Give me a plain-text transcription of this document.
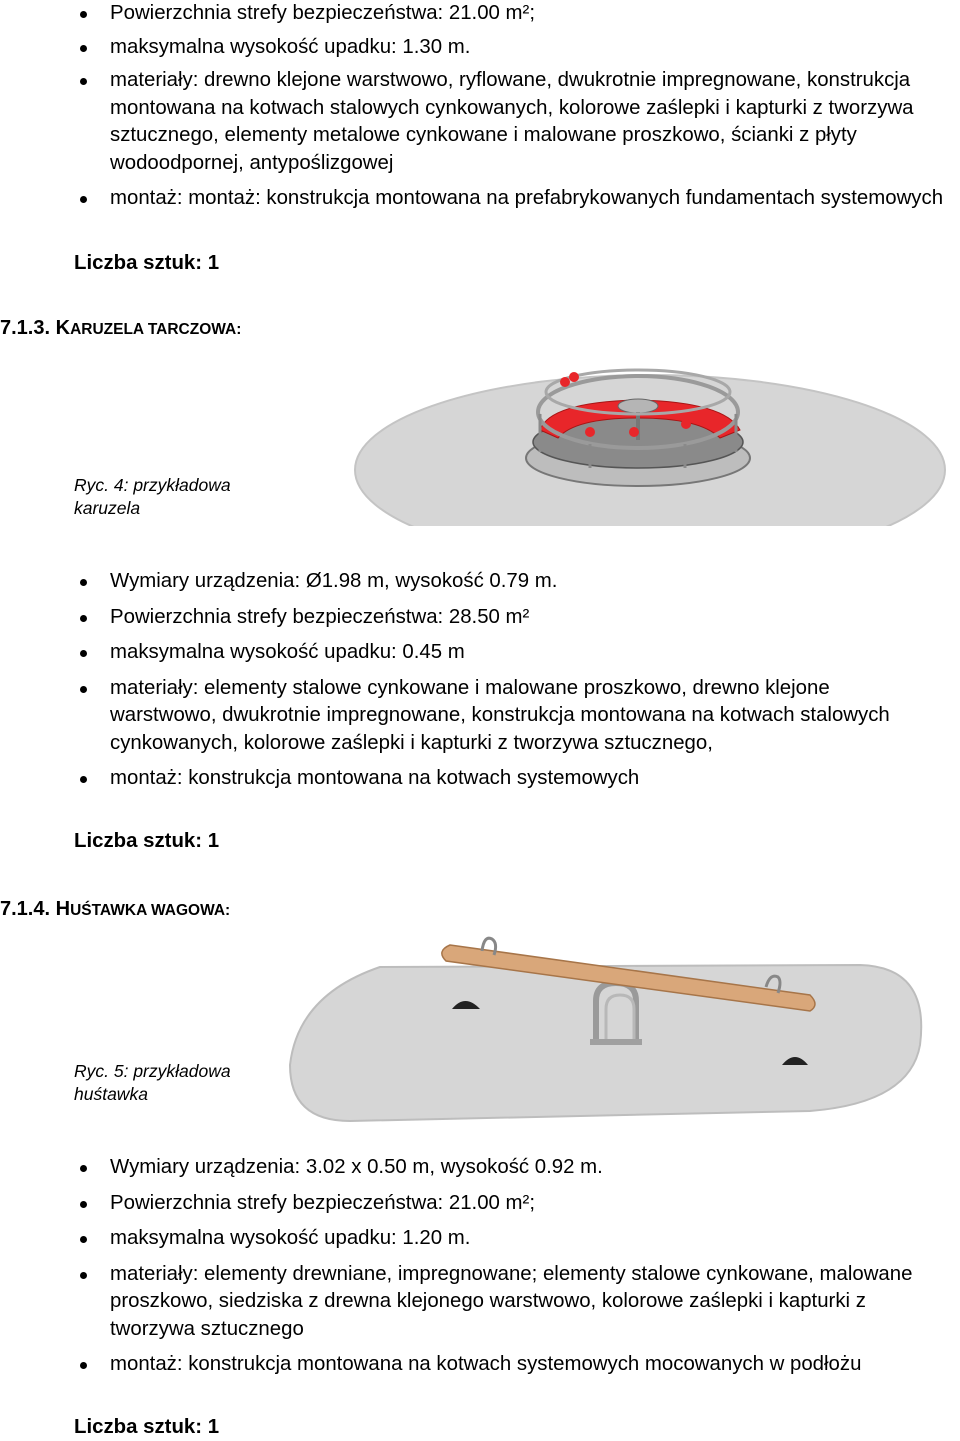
Powierzchnia strefy bezpieczeństwa: 21.00 m²;
maksymalna wysokość upadku: 1.30 m.
materiały: drewno klejone warstwowo, ryflowane, dwukrotnie impregnowane, konstrukcja montowana na kotwach stalowych cynkowanych, kolorowe zaślepki i kapturki z tworzywa sztucznego, elementy metalowe cynkowane i malowane proszkowo, ścianki z płyty wodoodpornej, antypoślizgowej
montaż: montaż: konstrukcja montowana na prefabrykowanych fundamentach systemowych
Liczba sztuk: 1
7.1.3. KARUZELA TARCZOWA:
Ryc. 4: przykładowa
karuzela
Wymiary urządzenia: Ø1.98 m, wysokość 0.79 m.
Powierzchnia strefy bezpieczeństwa: 28.50 m²
maksymalna wysokość upadku: 0.45 m
materiały: elementy stalowe cynkowane i malowane proszkowo, drewno klejone warstwowo, dwukrotnie impregnowane, konstrukcja montowana na kotwach stalowych cynkowanych, kolorowe zaślepki i kapturki z tworzywa sztucznego,
montaż: konstrukcja montowana na kotwach systemowych
Liczba sztuk: 1
7.1.4. HUŚTAWKA WAGOWA:
Ryc. 5: przykładowa
huśtawka
Wymiary urządzenia: 3.02 x 0.50 m, wysokość 0.92 m.
Powierzchnia strefy bezpieczeństwa: 21.00 m²;
maksymalna wysokość upadku: 1.20 m.
materiały: elementy drewniane, impregnowane; elementy stalowe cynkowane, malowane proszkowo, siedziska z drewna klejonego warstwowo, kolorowe zaślepki i kapturki z tworzywa sztucznego
montaż: konstrukcja montowana na kotwach systemowych mocowanych w podłożu
Liczba sztuk: 1
